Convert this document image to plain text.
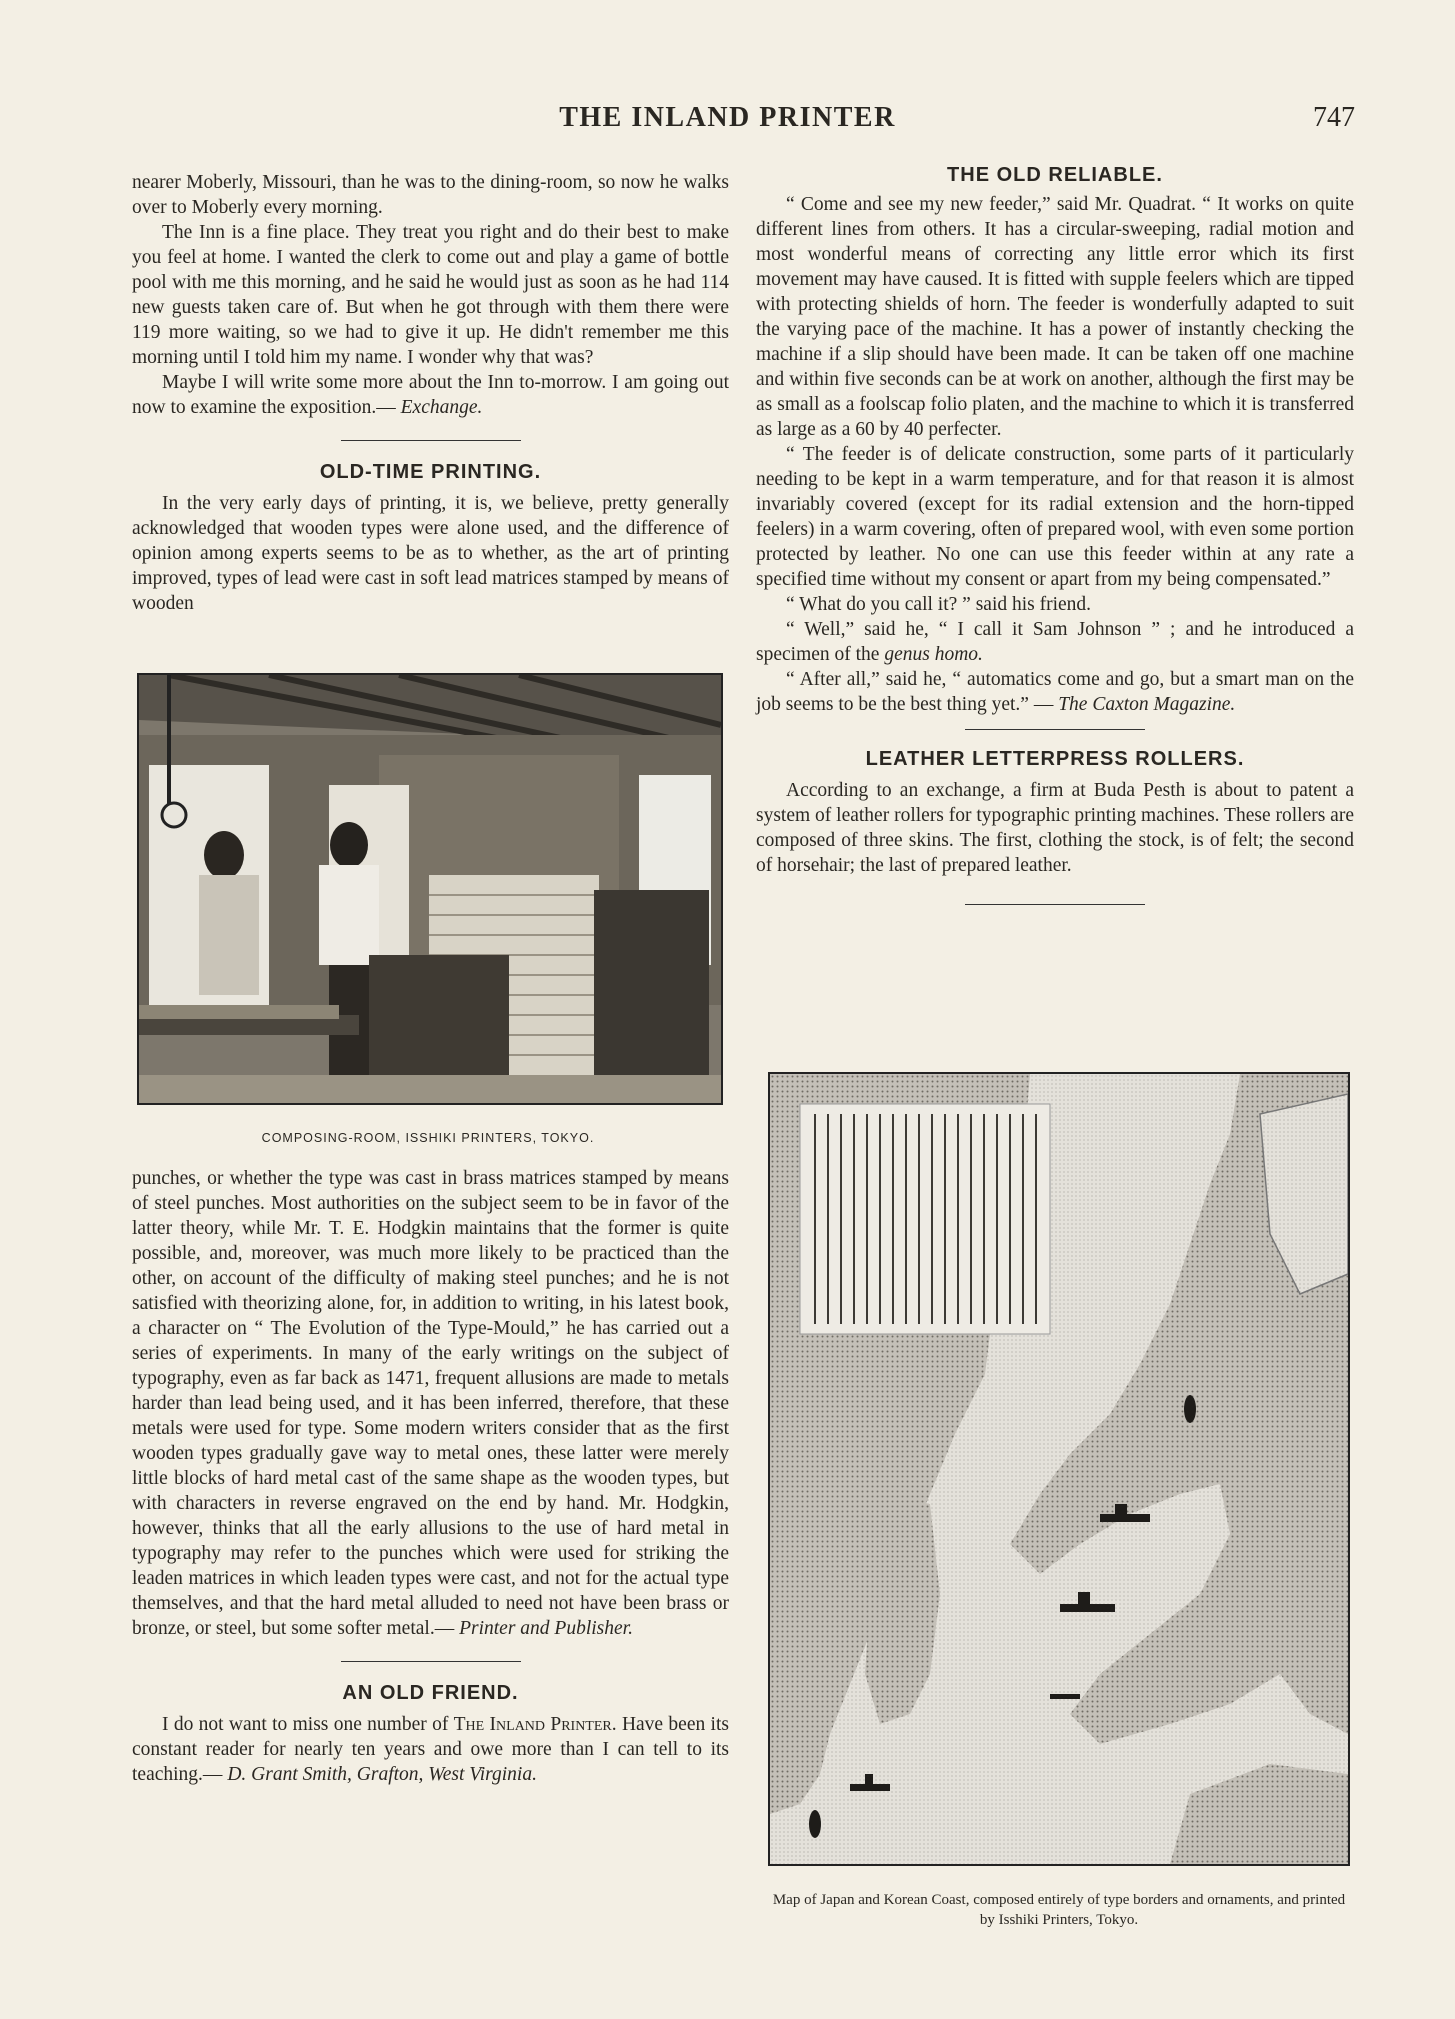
THE INLAND PRINTER	747

nearer Moberly, Missouri, than he was to the dining-room, so now he walks over to Moberly every morning.

The Inn is a fine place. They treat you right and do their best to make you feel at home. I wanted the clerk to come out and play a game of bottle pool with me this morning, and he said he would just as soon as he had 114 new guests taken care of. But when he got through with them there were 119 more waiting, so we had to give it up. He didn't remember me this morning until I told him my name. I wonder why that was?

Maybe I will write some more about the Inn to-morrow. I am going out now to examine the exposition.— Exchange.

OLD-TIME PRINTING.

In the very early days of printing, it is, we believe, pretty generally acknowledged that wooden types were alone used, and the difference of opinion among experts seems to be as to whether, as the art of printing improved, types of lead were cast in soft lead matrices stamped by means of wooden

COMPOSING-ROOM, ISSHIKI PRINTERS, TOKYO.

punches, or whether the type was cast in brass matrices stamped by means of steel punches. Most authorities on the subject seem to be in favor of the latter theory, while Mr. T. E. Hodgkin maintains that the former is quite possible, and, moreover, was much more likely to be practiced than the other, on account of the difficulty of making steel punches; and he is not satisfied with theorizing alone, for, in addition to writing, in his latest book, a character on “ The Evolution of the Type-Mould,” he has carried out a series of experiments. In many of the early writings on the subject of typography, even as far back as 1471, frequent allusions are made to metals harder than lead being used, and it has been inferred, therefore, that these metals were used for type. Some modern writers consider that as the first wooden types gradually gave way to metal ones, these latter were merely little blocks of hard metal cast of the same shape as the wooden types, but with characters in reverse engraved on the end by hand. Mr. Hodgkin, however, thinks that all the early allusions to the use of hard metal in typography may refer to the punches which were used for striking the leaden matrices in which leaden types were cast, and not for the actual type themselves, and that the hard metal alluded to need not have been brass or bronze, or steel, but some softer metal.— Printer and Publisher.

AN OLD FRIEND.

I do not want to miss one number of The Inland Printer. Have been its constant reader for nearly ten years and owe more than I can tell to its teaching.— D. Grant Smith, Grafton, West Virginia.

THE OLD RELIABLE.

“ Come and see my new feeder,” said Mr. Quadrat. “ It works on quite different lines from others. It has a circular-sweeping, radial motion and most wonderful means of correcting any little error which its first movement may have caused. It is fitted with supple feelers which are tipped with protecting shields of horn. The feeder is wonderfully adapted to suit the varying pace of the machine. It has a power of instantly checking the machine if a slip should have been made. It can be taken off one machine and within five seconds can be at work on another, although the first may be as small as a foolscap folio platen, and the machine to which it is transferred as large as a 60 by 40 perfecter.

“ The feeder is of delicate construction, some parts of it particularly needing to be kept in a warm temperature, and for that reason it is almost invariably covered (except for its radial extension and the horn-tipped feelers) in a warm covering, often of prepared wool, with even some portion protected by leather. No one can use this feeder within at any rate a specified time without my consent or apart from my being compensated.”

“ What do you call it? ” said his friend.

“ Well,” said he, “ I call it Sam Johnson ” ; and he introduced a specimen of the genus homo.

“ After all,” said he, “ automatics come and go, but a smart man on the job seems to be the best thing yet.” — The Caxton Magazine.

LEATHER LETTERPRESS ROLLERS.

According to an exchange, a firm at Buda Pesth is about to patent a system of leather rollers for typographic printing machines. These rollers are composed of three skins. The first, clothing the stock, is of felt; the second of horsehair; the last of prepared leather.

Map of Japan and Korean Coast, composed entirely of type borders and ornaments, and printed by Isshiki Printers, Tokyo.
